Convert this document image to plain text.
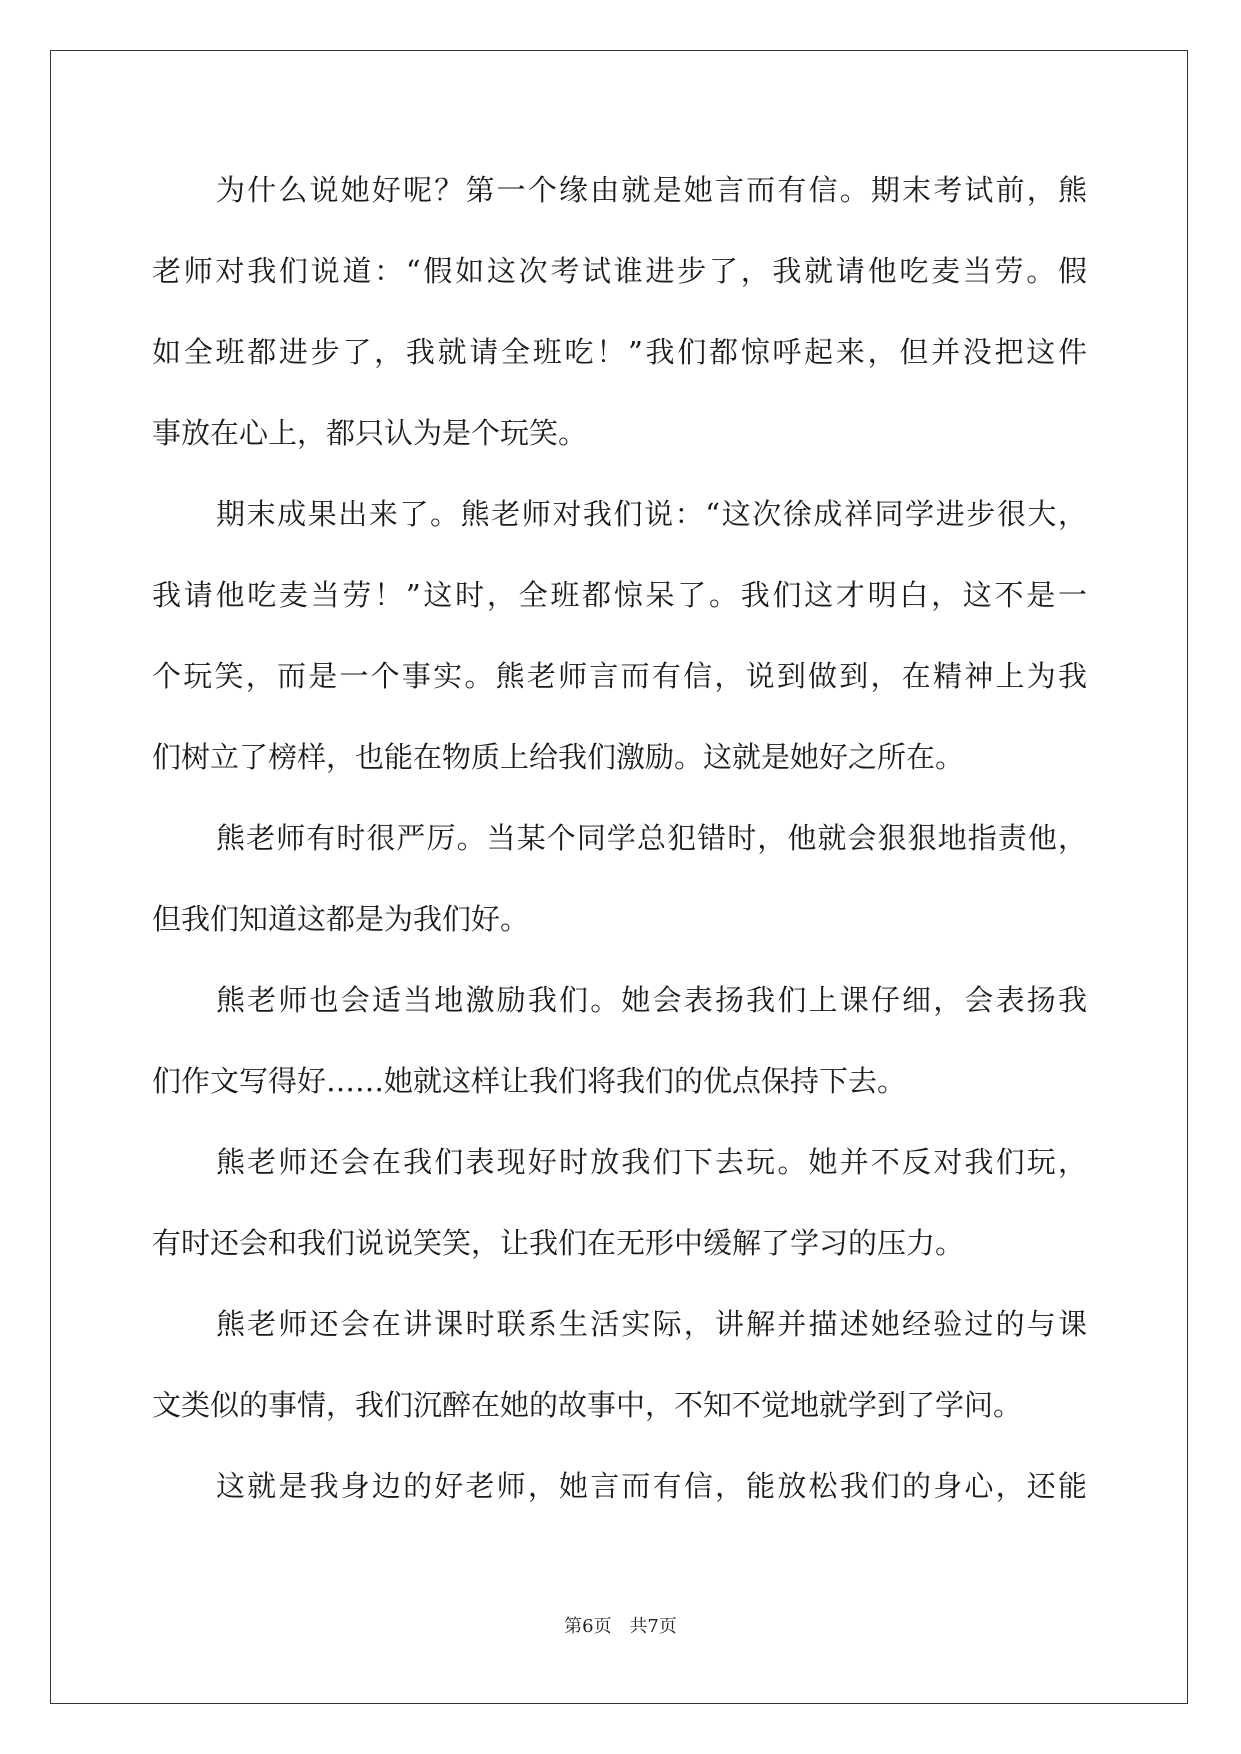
为什么说她好呢？第一个缘由就是她言而有信。期末考试前，熊
老师对我们说道：“假如这次考试谁进步了，我就请他吃麦当劳。假
如全班都进步了，我就请全班吃！”我们都惊呼起来，但并没把这件
事放在心上，都只认为是个玩笑。
期末成果出来了。熊老师对我们说：“这次徐成祥同学进步很大，
我请他吃麦当劳！”这时，全班都惊呆了。我们这才明白，这不是一
个玩笑，而是一个事实。熊老师言而有信，说到做到，在精神上为我
们树立了榜样，也能在物质上给我们激励。这就是她好之所在。
熊老师有时很严厉。当某个同学总犯错时，他就会狠狠地指责他，
但我们知道这都是为我们好。
熊老师也会适当地激励我们。她会表扬我们上课仔细，会表扬我
们作文写得好……她就这样让我们将我们的优点保持下去。
熊老师还会在我们表现好时放我们下去玩。她并不反对我们玩，
有时还会和我们说说笑笑，让我们在无形中缓解了学习的压力。
熊老师还会在讲课时联系生活实际，讲解并描述她经验过的与课
文类似的事情，我们沉醉在她的故事中，不知不觉地就学到了学问。
这就是我身边的好老师，她言而有信，能放松我们的身心，还能
第6页 共7页
